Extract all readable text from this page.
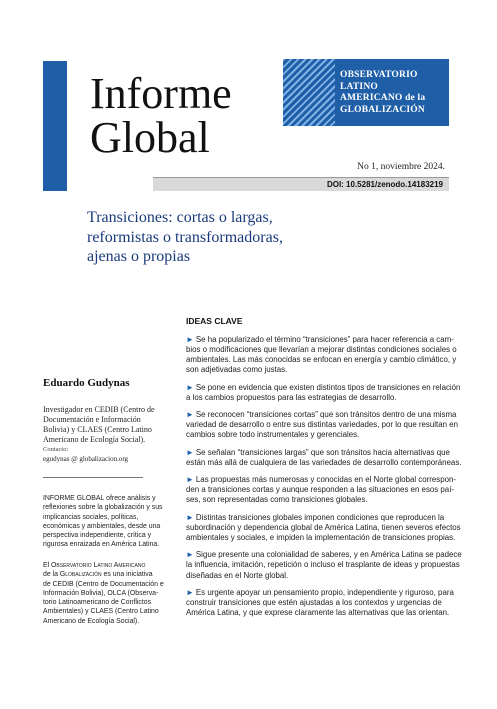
Informe
Global
OBSERVATORIO
LATINO
AMERICANO de la
GLOBALIZACIÓN
No 1, noviembre 2024.
DOI: 10.5281/zenodo.14183219
Transiciones: cortas o largas,
reformistas o transformadoras,
ajenas o propias
Eduardo Gudynas
Investigador en CEDIB (Centro de Documentación e Información Bolivia) y CLAES (Centro Latino Americano de Ecología Social).
Contacto:
egudynas @ globalizacion.org
INFORME GLOBAL ofrece análisis y
reflexiones sobre la globalización y sus
implicancias sociales, políticas,
económicas y ambientales, desde una
perspectiva independiente, crítica y
rigurosa enraizada en América Latina.
El Observatorio Latino Americano
de la Globalización es una iniciativa
de CEDIB (Centro de Documentación e
Información Bolivia), OLCA (Observa-
torio Latinoamericano de Conflictos
Ambientales) y CLAES (Centro Latino
Americano de Ecología Social).
IDEAS CLAVE
► Se ha popularizado el término “transiciones” para hacer referencia a cam-
bios o modificaciones que llevarían a mejorar distintas condiciones sociales o
ambientales. Las más conocidas se enfocan en energía y cambio climático, y
son adjetivadas como justas.
► Se pone en evidencia que existen distintos tipos de transiciones en relación
a los cambios propuestos para las estrategias de desarrollo.
► Se reconocen “transiciones cortas” que son tránsitos dentro de una misma
variedad de desarrollo o entre sus distintas variedades, por lo que resultan en
cambios sobre todo instrumentales y gerenciales.
► Se señalan “transiciones largas” que son tránsitos hacia alternativas que
están más allá de cualquiera de las variedades de desarrollo contemporáneas.
► Las propuestas más numerosas y conocidas en el Norte global correspon-
den a transiciones cortas y aunque responden a las situaciones en esos paí-
ses, son representadas como transiciones globales.
► Distintas transiciones globales imponen condiciones que reproducen la
subordinación y dependencia global de América Latina, tienen severos efectos
ambientales y sociales, e impiden la implementación de transiciones propias.
► Sigue presente una colonialidad de saberes, y en América Latina se padece
la influencia, imitación, repetición o incluso el trasplante de ideas y propuestas
diseñadas en el Norte global.
► Es urgente apoyar un pensamiento propio, independiente y riguroso, para
construir transiciones que estén ajustadas a los contextos y urgencias de
América Latina, y que exprese claramente las alternativas que las orientan.
